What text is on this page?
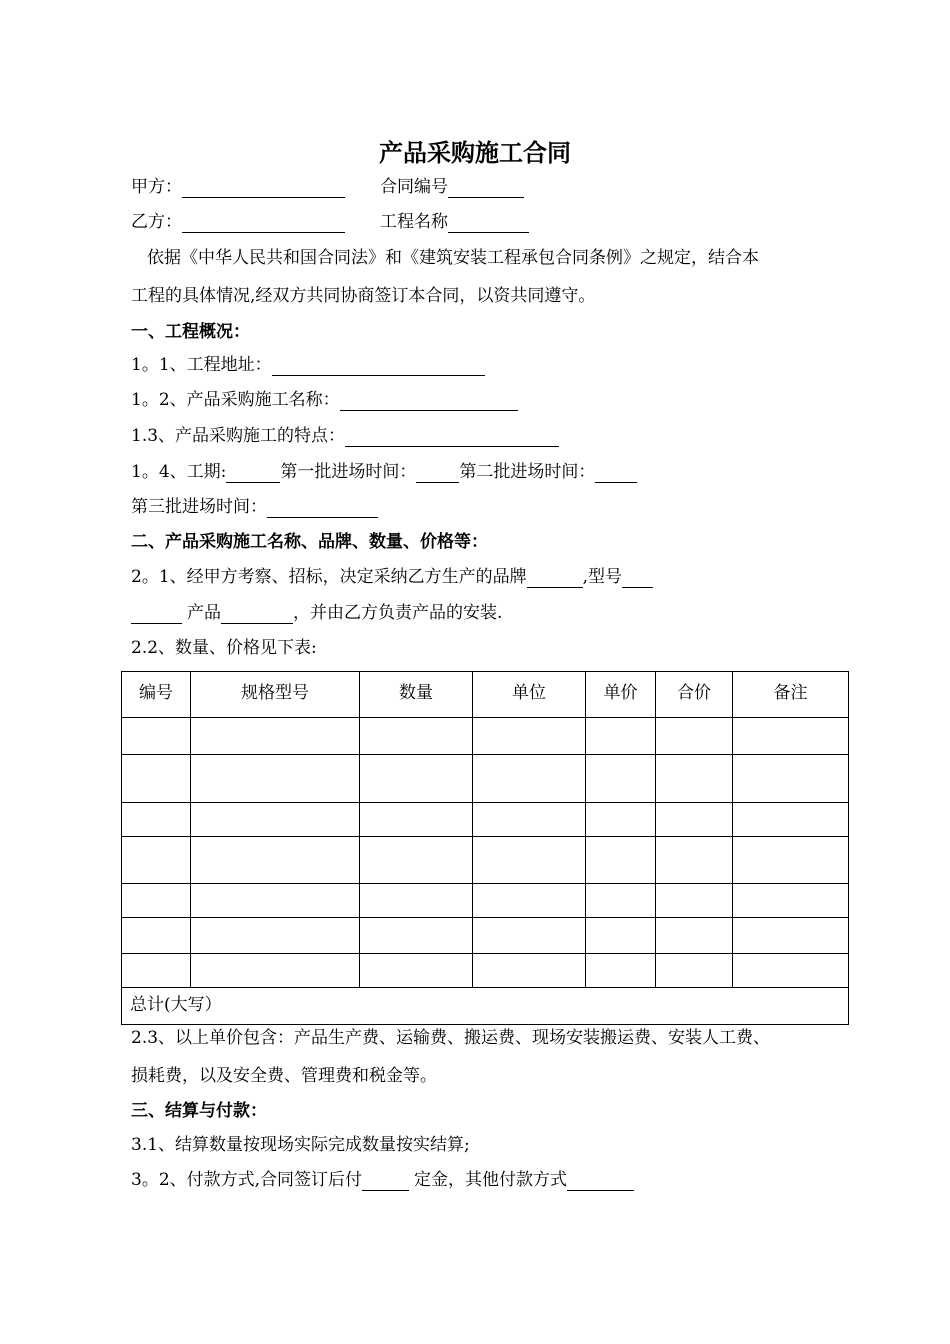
产品采购施工合同
甲方：	合同编号
乙方：	工程名称
依据《中华人民共和国合同法》和《建筑安装工程承包合同条例》之规定，结合本
工程的具体情况,经双方共同协商签订本合同，以资共同遵守。
一、工程概况：
1。1、工程地址：
1。2、产品采购施工名称：
1.3、产品采购施工的特点：
1。4、工期:	第一批进场时间：	第二批进场时间：
第三批进场时间：
二、产品采购施工名称、品牌、数量、价格等：
2。1、经甲方考察、招标，决定采纳乙方生产的品牌	,型号
产品	，并由乙方负责产品的安装.
2.2、数量、价格见下表:
编号	规格型号	数量	单位	单价	合价	备注

总计(大写）						
2.3、以上单价包含：产品生产费、运输费、搬运费、现场安装搬运费、安装人工费、
损耗费，以及安全费、管理费和税金等。
三、结算与付款：
3.1、结算数量按现场实际完成数量按实结算;
3。2、付款方式,合同签订后付	定金，其他付款方式
